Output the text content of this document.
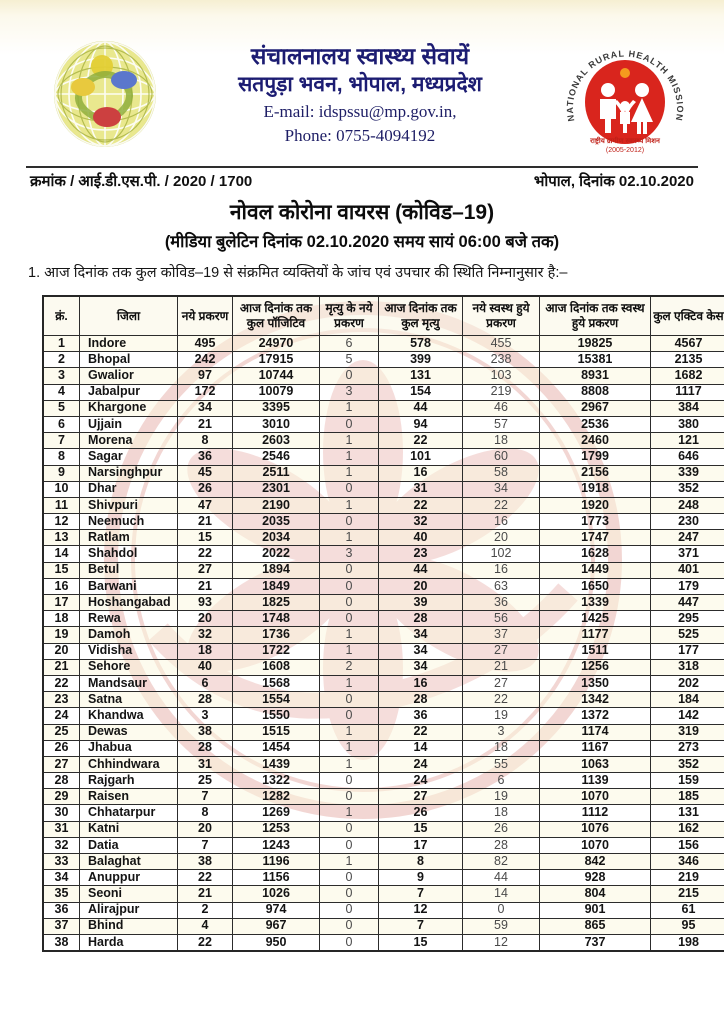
संचालनालय स्वास्थ्य सेवायें
सतपुड़ा भवन, भोपाल, मध्यप्रदेश
E-mail: idspssu@mp.gov.in,
Phone: 0755-4094192
NATIONAL RURAL HEALTH MISSION
राष्ट्रीय ग्रामीण स्वास्थ्य मिशन
(2005-2012)
क्रमांक / आई.डी.एस.पी. / 2020 / 1700	भोपाल, दिनांक 02.10.2020
नोवल कोरोना वायरस (कोविड–19)
(मीडिया बुलेटिन दिनांक 02.10.2020 समय सायं 06:00 बजे तक)
1. आज दिनांक तक कुल कोविड–19 से संक्रमित व्यक्तियों के जांच एवं उपचार की स्थिति निम्नानुसार है:–
क्रं.	जिला	नये प्रकरण	आज दिनांक तक कुल पॉजिटिव	मृत्यु के नये प्रकरण	आज दिनांक तक कुल मृत्यु	नये स्वस्थ हुये प्रकरण	आज दिनांक तक स्वस्थ हुये प्रकरण	कुल एक्टिव केस
1	Indore	495	24970	6	578	455	19825	4567
2	Bhopal	242	17915	5	399	238	15381	2135
3	Gwalior	97	10744	0	131	103	8931	1682
4	Jabalpur	172	10079	3	154	219	8808	1117
5	Khargone	34	3395	1	44	46	2967	384
6	Ujjain	21	3010	0	94	57	2536	380
7	Morena	8	2603	1	22	18	2460	121
8	Sagar	36	2546	1	101	60	1799	646
9	Narsinghpur	45	2511	1	16	58	2156	339
10	Dhar	26	2301	0	31	34	1918	352
11	Shivpuri	47	2190	1	22	22	1920	248
12	Neemuch	21	2035	0	32	16	1773	230
13	Ratlam	15	2034	1	40	20	1747	247
14	Shahdol	22	2022	3	23	102	1628	371
15	Betul	27	1894	0	44	16	1449	401
16	Barwani	21	1849	0	20	63	1650	179
17	Hoshangabad	93	1825	0	39	36	1339	447
18	Rewa	20	1748	0	28	56	1425	295
19	Damoh	32	1736	1	34	37	1177	525
20	Vidisha	18	1722	1	34	27	1511	177
21	Sehore	40	1608	2	34	21	1256	318
22	Mandsaur	6	1568	1	16	27	1350	202
23	Satna	28	1554	0	28	22	1342	184
24	Khandwa	3	1550	0	36	19	1372	142
25	Dewas	38	1515	1	22	3	1174	319
26	Jhabua	28	1454	1	14	18	1167	273
27	Chhindwara	31	1439	1	24	55	1063	352
28	Rajgarh	25	1322	0	24	6	1139	159
29	Raisen	7	1282	0	27	19	1070	185
30	Chhatarpur	8	1269	1	26	18	1112	131
31	Katni	20	1253	0	15	26	1076	162
32	Datia	7	1243	0	17	28	1070	156
33	Balaghat	38	1196	1	8	82	842	346
34	Anuppur	22	1156	0	9	44	928	219
35	Seoni	21	1026	0	7	14	804	215
36	Alirajpur	2	974	0	12	0	901	61
37	Bhind	4	967	0	7	59	865	95
38	Harda	22	950	0	15	12	737	198
